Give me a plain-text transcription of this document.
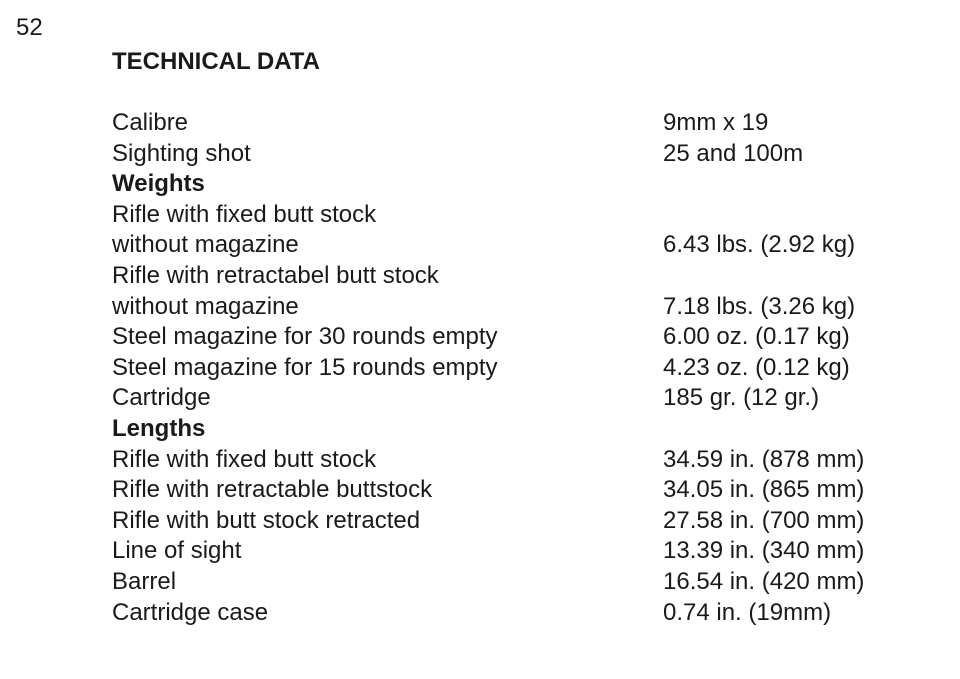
52
TECHNICAL DATA
Calibre	9mm x 19
Sighting shot	25 and 100m
Weights
Rifle with fixed butt stock
without magazine	6.43 lbs. (2.92 kg)
Rifle with retractabel butt stock
without magazine	7.18 lbs. (3.26 kg)
Steel magazine for 30 rounds empty	6.00 oz. (0.17 kg)
Steel magazine for 15 rounds empty	4.23 oz. (0.12 kg)
Cartridge	185 gr. (12 gr.)
Lengths
Rifle with fixed butt stock	34.59 in. (878 mm)
Rifle with retractable buttstock	34.05 in. (865 mm)
Rifle with butt stock retracted	27.58 in. (700 mm)
Line of sight	13.39 in. (340 mm)
Barrel	16.54 in. (420 mm)
Cartridge case	0.74 in. (19mm)
